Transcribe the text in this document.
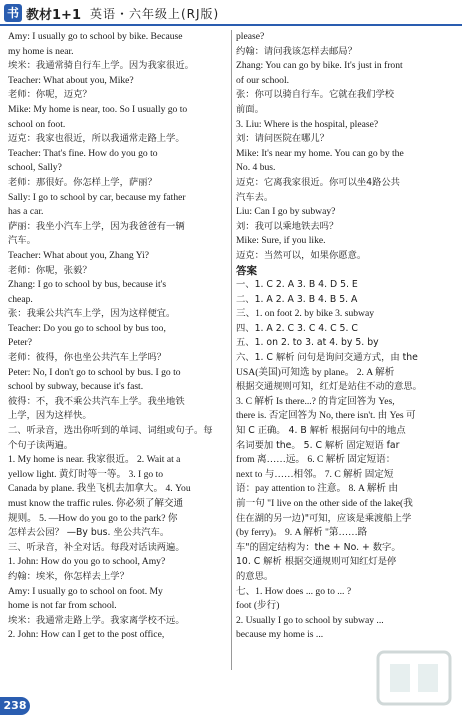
书 教材1+1 英语・六年级上(RJ版)
Amy: I usually go to school by bike. Because
my home is near.
埃米：我通常骑自行车上学。因为我家很近。
Teacher: What about you, Mike?
老师：你呢，迈克？
Mike: My home is near, too. So I usually go to
school on foot.
迈克：我家也很近，所以我通常走路上学。
Teacher: That's fine. How do you go to
school, Sally?
老师：那很好。你怎样上学，萨丽？
Sally: I go to school by car, because my father
has a car.
萨丽：我坐小汽车上学，因为我爸爸有一辆
汽车。
Teacher: What about you, Zhang Yi?
老师：你呢，张毅？
Zhang: I go to school by bus, because it's
cheap.
张：我乘公共汽车上学，因为这样便宜。
Teacher: Do you go to school by bus too,
Peter?
老师：彼得，你也坐公共汽车上学吗？
Peter: No, I don't go to school by bus. I go to
school by subway, because it's fast.
彼得：不，我不乘公共汽车上学。我坐地铁
上学，因为这样快。
二、听录音，选出你听到的单词、词组或句子。每
个句子读两遍。
1. My home is near. 我家很近。 2. Wait at a
yellow light. 黄灯时等一等。 3. I go to
Canada by plane. 我坐飞机去加拿大。 4. You
must know the traffic rules. 你必须了解交通
规则。 5. —How do you go to the park? 你
怎样去公园？ —By bus. 坐公共汽车。
三、听录音，补全对话。每段对话读两遍。
1. John: How do you go to school, Amy?
约翰：埃米，你怎样去上学？
Amy: I usually go to school on foot. My
home is not far from school.
埃米：我通常走路上学。我家离学校不远。
2. John: How can I get to the post office,
please?
约翰：请问我该怎样去邮局？
Zhang: You can go by bike. It's just in front
of our school.
张：你可以骑自行车。它就在我们学校
前面。
3. Liu: Where is the hospital, please?
刘：请问医院在哪儿？
Mike: It's near my home. You can go by the
No. 4 bus.
迈克：它离我家很近。你可以坐4路公共
汽车去。
Liu: Can I go by subway?
刘：我可以乘地铁去吗？
Mike: Sure, if you like.
迈克：当然可以，如果你愿意。
答案
一、1. C 2. A 3. B 4. D 5. E
二、1. A 2. A 3. B 4. B 5. A
三、1. on foot 2. by bike 3. subway
四、1. A 2. C 3. C 4. C 5. C
五、1. on 2. to 3. at 4. by 5. by
六、1. C 解析 问句是询问交通方式，由 the
USA(美国)可知选 by plane。 2. A 解析
根据交通规则可知，红灯是站住不动的意思。
3. C 解析 Is there...? 的肯定回答为 Yes,
there is. 否定回答为 No, there isn't. 由 Yes 可
知 C 正确。 4. B 解析 根据问句中的地点
名词要加 the。 5. C 解析 固定短语 far
from 离……远。 6. C 解析 固定短语：
next to 与……相邻。 7. C 解析 固定短
语：pay attention to 注意。 8. A 解析 由
前一句 "I live on the other side of the lake(我
住在湖的另一边)"可知，应该是乘渡船上学
(by ferry)。 9. A 解析 "第……路
车"的固定结构为：the + No. + 数字。
10. C 解析 根据交通规则可知红灯是停
的意思。
七、1. How does ... go to ... ?
foot (步行)
2. Usually I go to school by subway ...
because my home is ...
238
